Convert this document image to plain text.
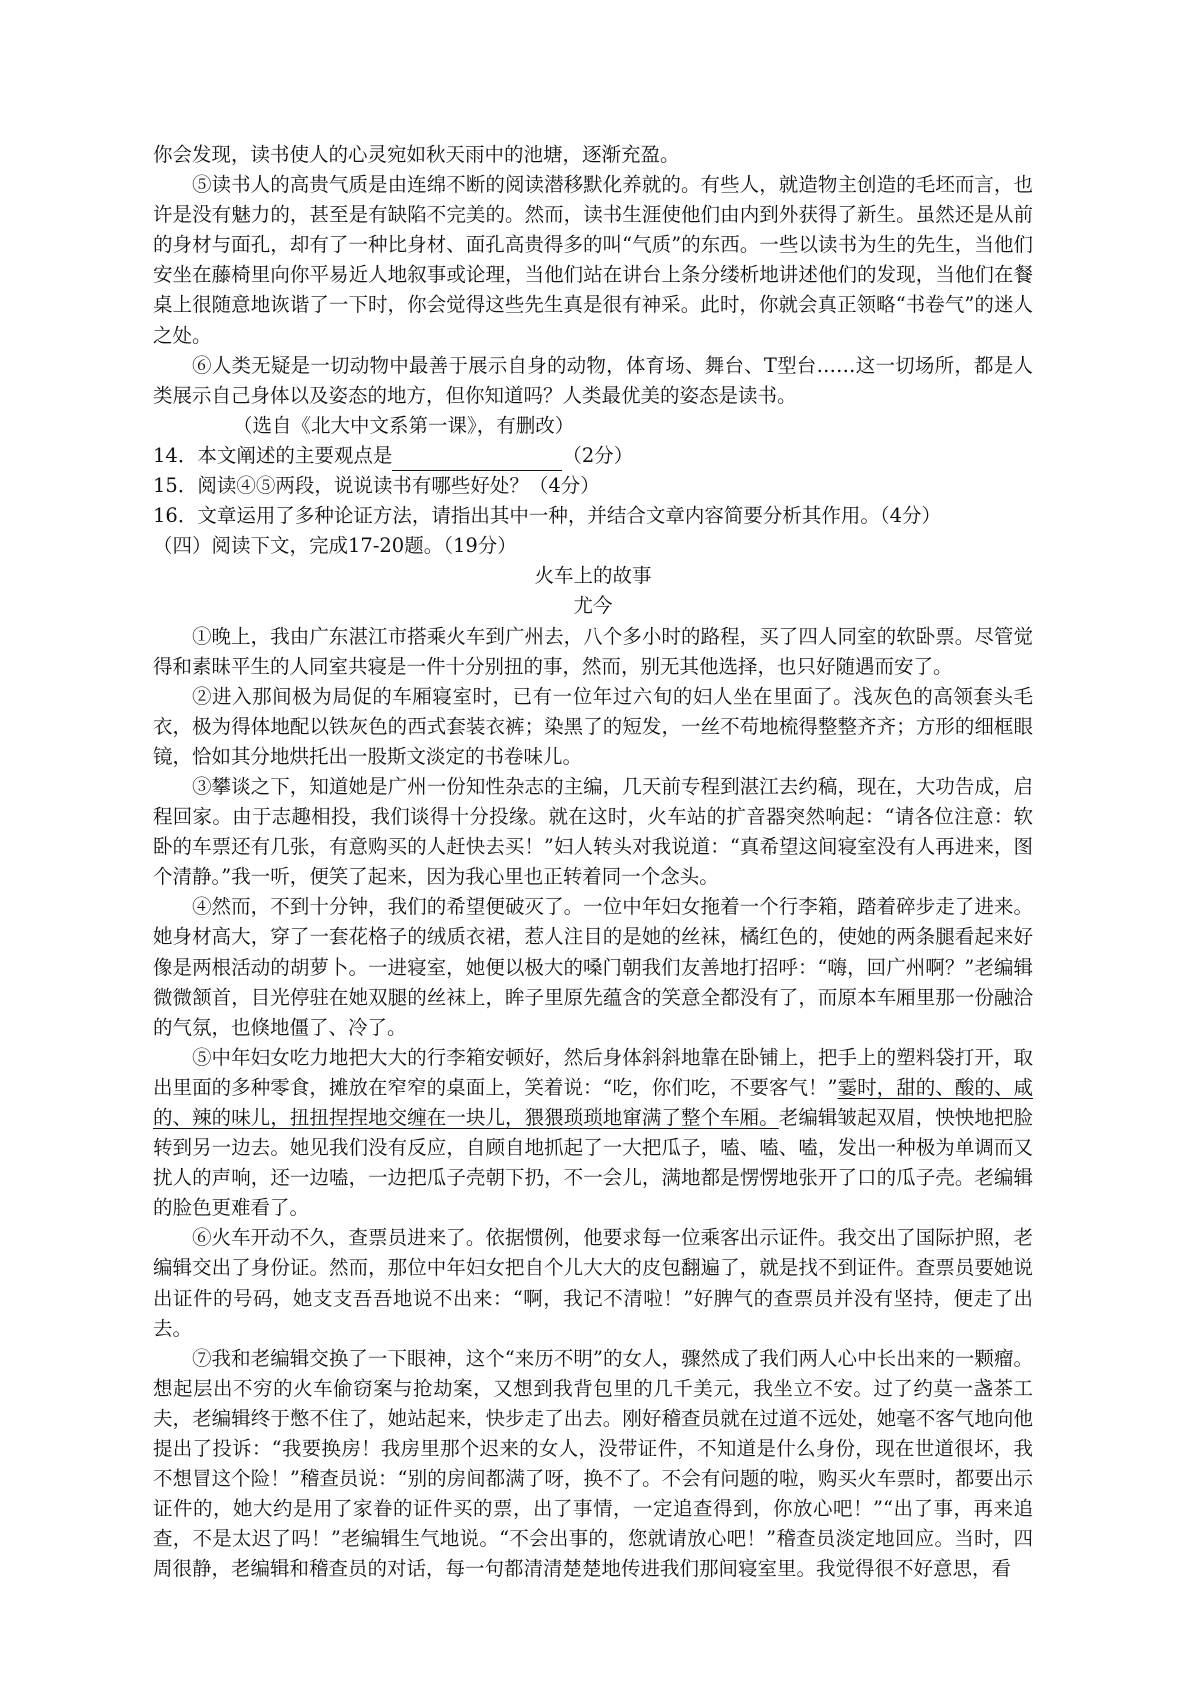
你会发现，读书使人的心灵宛如秋天雨中的池塘，逐渐充盈。

⑤读书人的高贵气质是由连绵不断的阅读潜移默化养就的。有些人，就造物主创造的毛坯而言，也许是没有魅力的，甚至是有缺陷不完美的。然而，读书生涯使他们由内到外获得了新生。虽然还是从前的身材与面孔，却有了一种比身材、面孔高贵得多的叫“气质”的东西。一些以读书为生的先生，当他们安坐在藤椅里向你平易近人地叙事或论理，当他们站在讲台上条分缕析地讲述他们的发现，当他们在餐桌上很随意地诙谐了一下时，你会觉得这些先生真是很有神采。此时，你就会真正领略“书卷气”的迷人之处。

⑥人类无疑是一切动物中最善于展示自身的动物，体育场、舞台、T型台……这一切场所，都是人类展示自己身体以及姿态的地方，但你知道吗？人类最优美的姿态是读书。

（选自《北大中文系第一课》，有删改）

14．本文阐述的主要观点是	（2分）

15．阅读④⑤两段，说说读书有哪些好处？（4分）

16．文章运用了多种论证方法，请指出其中一种，并结合文章内容简要分析其作用。（4分）

（四）阅读下文，完成17-20题。（19分）

火车上的故事

尤今

①晚上，我由广东湛江市搭乘火车到广州去，八个多小时的路程，买了四人同室的软卧票。尽管觉得和素昧平生的人同室共寝是一件十分别扭的事，然而，别无其他选择，也只好随遇而安了。

②进入那间极为局促的车厢寝室时，已有一位年过六旬的妇人坐在里面了。浅灰色的高领套头毛衣，极为得体地配以铁灰色的西式套装衣裤；染黑了的短发，一丝不苟地梳得整整齐齐；方形的细框眼镜，恰如其分地烘托出一股斯文淡定的书卷味儿。

③攀谈之下，知道她是广州一份知性杂志的主编，几天前专程到湛江去约稿，现在，大功告成，启程回家。由于志趣相投，我们谈得十分投缘。就在这时，火车站的扩音器突然响起：“请各位注意：软卧的车票还有几张，有意购买的人赶快去买！”妇人转头对我说道：“真希望这间寝室没有人再进来，图个清静。”我一听，便笑了起来，因为我心里也正转着同一个念头。

④然而，不到十分钟，我们的希望便破灭了。一位中年妇女拖着一个行李箱，踏着碎步走了进来。她身材高大，穿了一套花格子的绒质衣裙，惹人注目的是她的丝袜，橘红色的，使她的两条腿看起来好像是两根活动的胡萝卜。一进寝室，她便以极大的嗓门朝我们友善地打招呼：“嗨，回广州啊？”老编辑微微颔首，目光停驻在她双腿的丝袜上，眸子里原先蕴含的笑意全都没有了，而原本车厢里那一份融洽的气氛，也倏地僵了、冷了。

⑤中年妇女吃力地把大大的行李箱安顿好，然后身体斜斜地靠在卧铺上，把手上的塑料袋打开，取出里面的多种零食，摊放在窄窄的桌面上，笑着说：“吃，你们吃，不要客气！”霎时，甜的、酸的、咸的、辣的味儿，扭扭捏捏地交缠在一块儿，猥猥琐琐地窜满了整个车厢。老编辑皱起双眉，怏怏地把脸转到另一边去。她见我们没有反应，自顾自地抓起了一大把瓜子，嗑、嗑、嗑，发出一种极为单调而又扰人的声响，还一边嗑，一边把瓜子壳朝下扔，不一会儿，满地都是愣愣地张开了口的瓜子壳。老编辑的脸色更难看了。

⑥火车开动不久，查票员进来了。依据惯例，他要求每一位乘客出示证件。我交出了国际护照，老编辑交出了身份证。然而，那位中年妇女把自个儿大大的皮包翻遍了，就是找不到证件。查票员要她说出证件的号码，她支支吾吾地说不出来：“啊，我记不清啦！”好脾气的查票员并没有坚持，便走了出去。

⑦我和老编辑交换了一下眼神，这个“来历不明”的女人，骤然成了我们两人心中长出来的一颗瘤。想起层出不穷的火车偷窃案与抢劫案，又想到我背包里的几千美元，我坐立不安。过了约莫一盏茶工夫，老编辑终于憋不住了，她站起来，快步走了出去。刚好稽查员就在过道不远处，她毫不客气地向他提出了投诉：“我要换房！我房里那个迟来的女人，没带证件，不知道是什么身份，现在世道很坏，我不想冒这个险！”稽查员说：“别的房间都满了呀，换不了。不会有问题的啦，购买火车票时，都要出示证件的，她大约是用了家眷的证件买的票，出了事情，一定追查得到，你放心吧！”“出了事，再来追查，不是太迟了吗！”老编辑生气地说。“不会出事的，您就请放心吧！”稽查员淡定地回应。当时，四周很静，老编辑和稽查员的对话，每一句都清清楚楚地传进我们那间寝室里。我觉得很不好意思，看
